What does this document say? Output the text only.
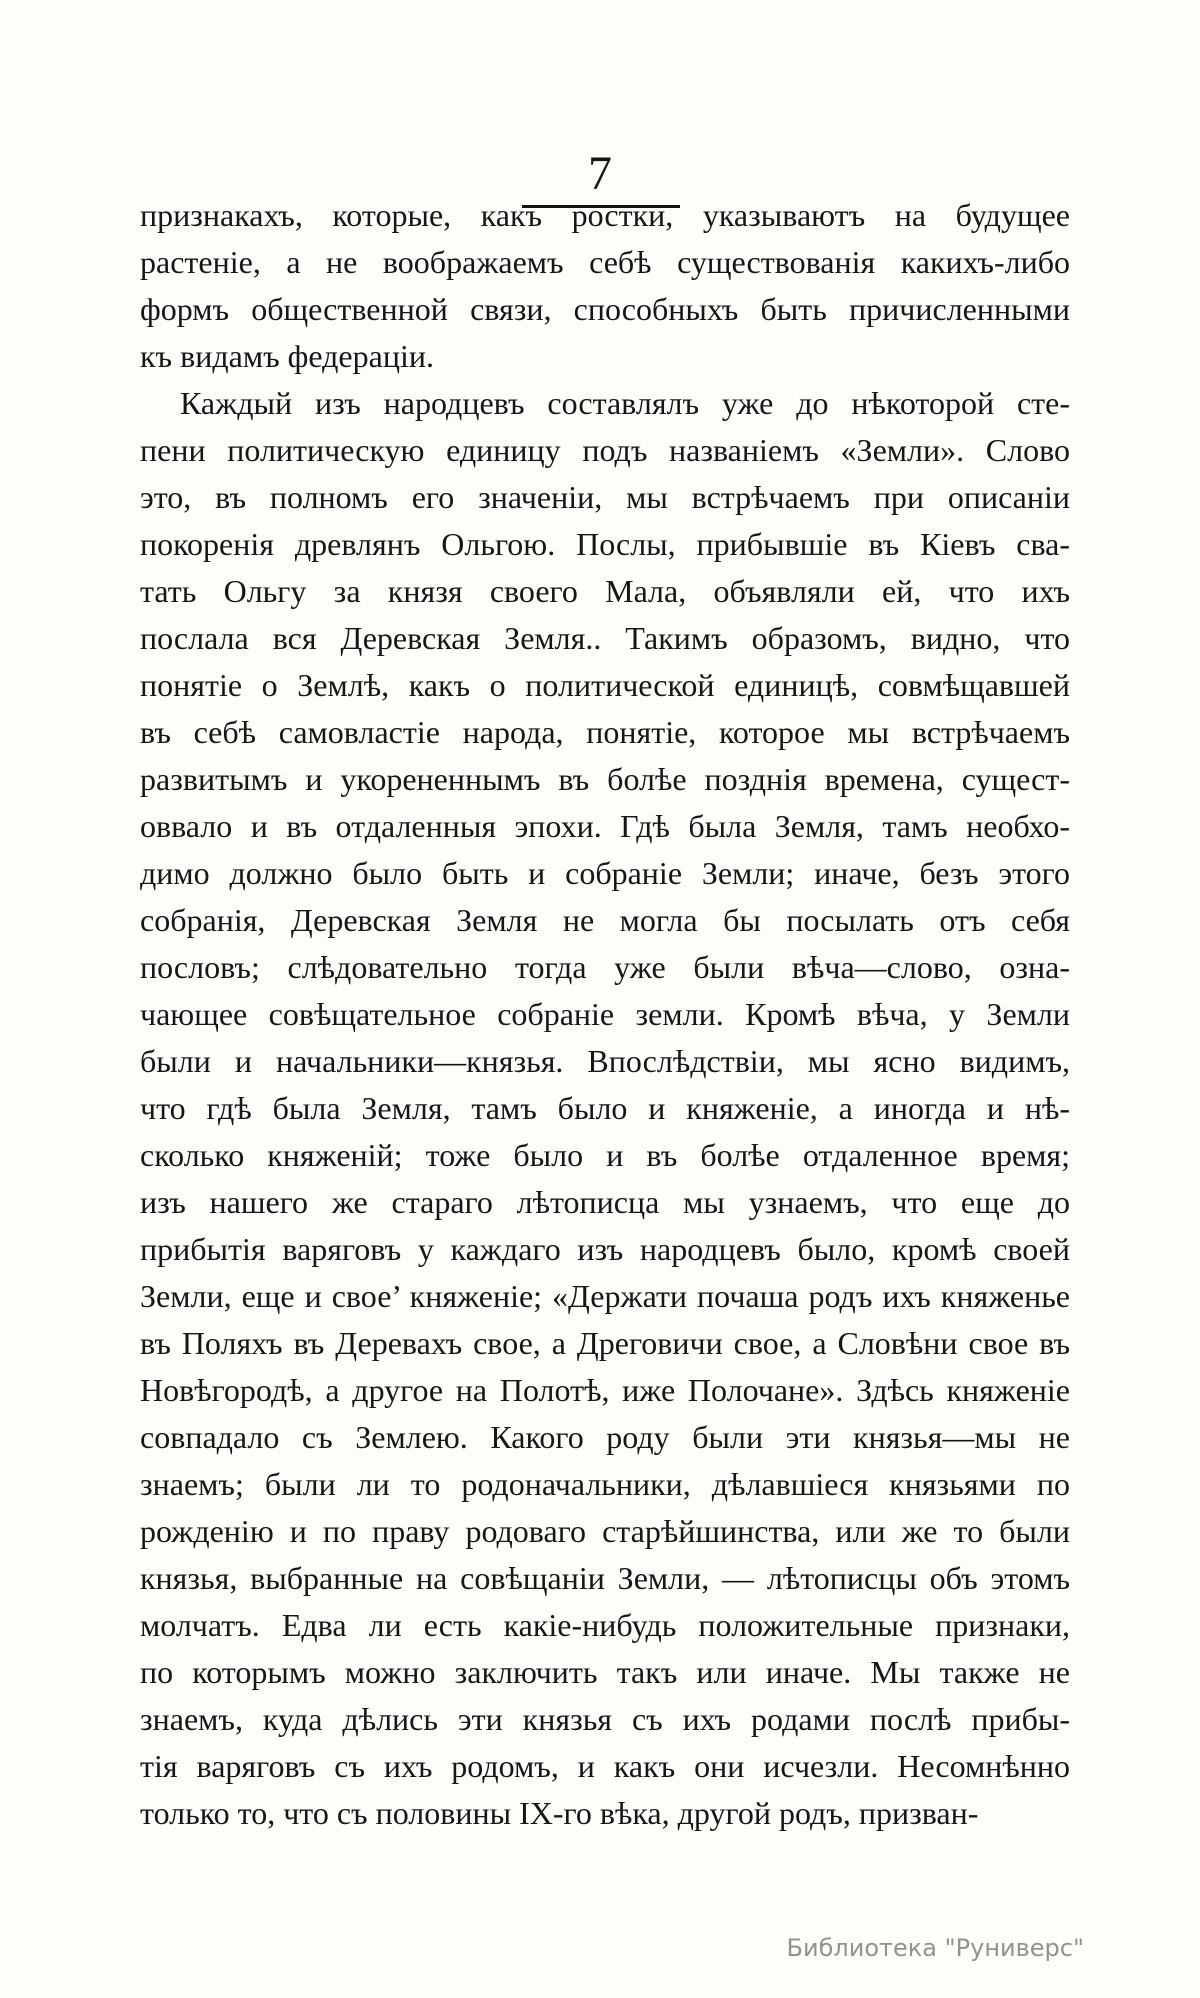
7
признакахъ, которые, какъ ростки, указываютъ на будущее
растеніе, а не воображаемъ себѣ существованія какихъ-либо
формъ общественной связи, способныхъ быть причисленными
къ видамъ федераціи.
Каждый изъ народцевъ составлялъ уже до нѣкоторой сте-
пени политическую единицу подъ названіемъ «Земли». Слово
это, въ полномъ его значеніи, мы встрѣчаемъ при описаніи
покоренія древлянъ Ольгою. Послы, прибывшіе въ Кіевъ сва-
тать Ольгу за князя своего Мала, объявляли ей, что ихъ
послала вся Деревская Земля.. Такимъ образомъ, видно, что
понятіе о Землѣ, какъ о политической единицѣ, совмѣщавшей
въ себѣ самовластіе народа, понятіе, которое мы встрѣчаемъ
развитымъ и укорененнымъ въ болѣе позднія времена, сущест-
оввало и въ отдаленныя эпохи. Гдѣ была Земля, тамъ необхо-
димо должно было быть и собраніе Земли; иначе, безъ этого
собранія, Деревская Земля не могла бы посылать отъ себя
пословъ; слѣдовательно тогда уже были вѣча—слово, озна-
чающее совѣщательное собраніе земли. Кромѣ вѣча, у Земли
были и начальники—князья. Впослѣдствіи, мы ясно видимъ,
что гдѣ была Земля, тамъ было и княженіе, а иногда и нѣ-
сколько княженій; тоже было и въ болѣе отдаленное время;
изъ нашего же стараго лѣтописца мы узнаемъ, что еще до
прибытія варяговъ у каждаго изъ народцевъ было, кромѣ своей
Земли, еще и свое’ княженіе; «Держати почаша родъ ихъ княженье
въ Поляхъ въ Деревахъ свое, а Дреговичи свое, а Словѣни свое въ
Новѣгородѣ, а другое на Полотѣ, иже Полочане». Здѣсь княженіе
совпадало съ Землею. Какого роду были эти князья—мы не
знаемъ; были ли то родоначальники, дѣлавшіеся князьями по
рожденію и по праву родоваго старѣйшинства, или же то были
князья, выбранные на совѣщаніи Земли, — лѣтописцы объ этомъ
молчатъ. Едва ли есть какіе-нибудь положительные признаки,
по которымъ можно заключить такъ или иначе. Мы также не
знаемъ, куда дѣлись эти князья съ ихъ родами послѣ прибы-
тія варяговъ съ ихъ родомъ, и какъ они исчезли. Несомнѣнно
только то, что съ половины IX-го вѣка, другой родъ, призван-
Библиотека "Руниверс"
